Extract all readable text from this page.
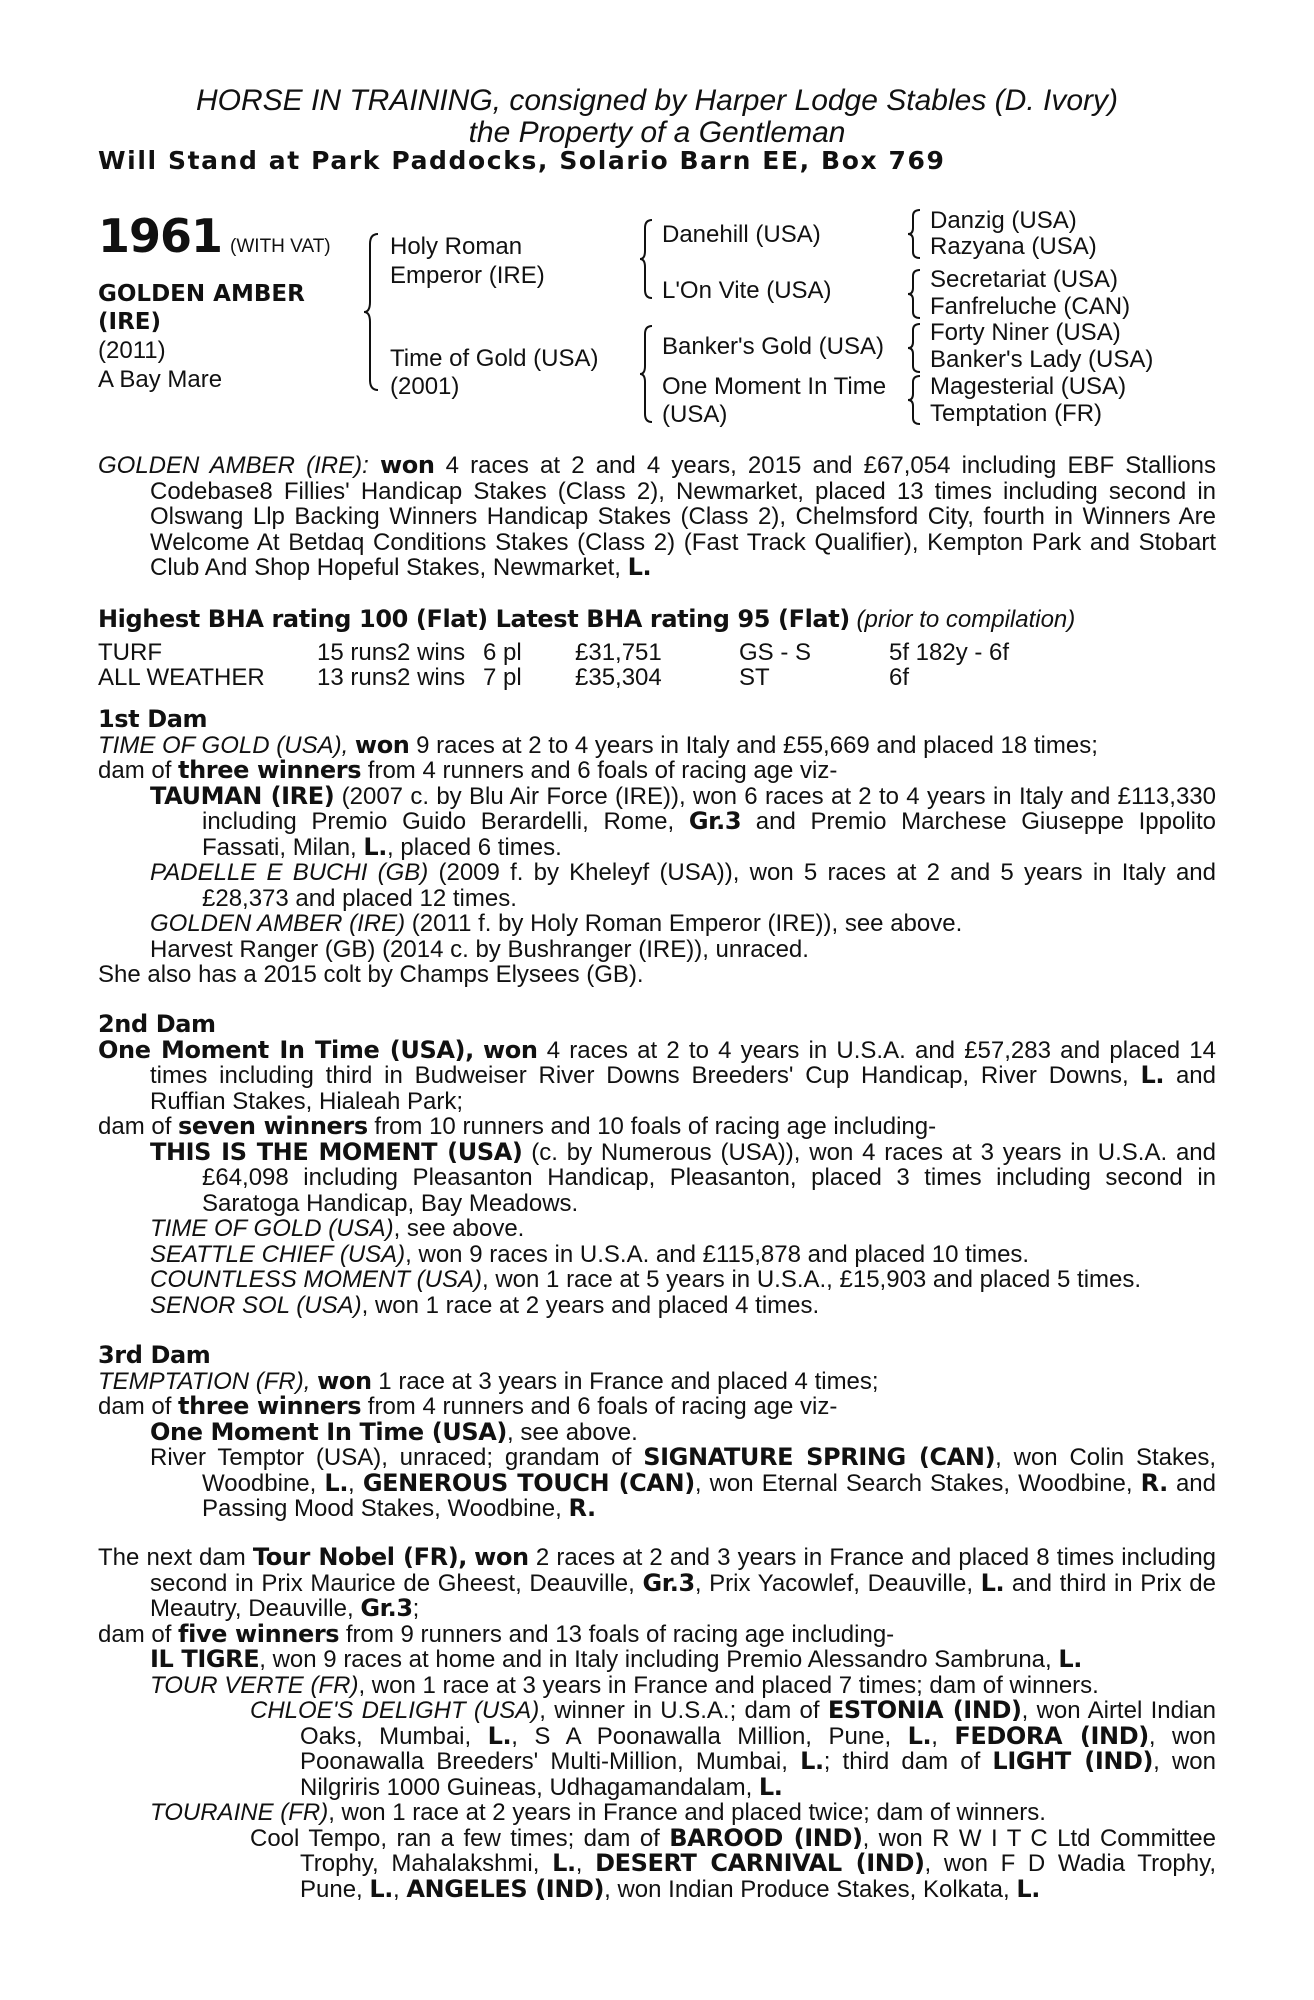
HORSE IN TRAINING, consigned by Harper Lodge Stables (D. Ivory)
the Property of a Gentleman
Will Stand at Park Paddocks, Solario Barn EE, Box 769
1961 (WITH VAT)
GOLDEN AMBER
(IRE)
(2011)
A Bay Mare
Holy Roman
Emperor (IRE)
Time of Gold (USA)
(2001)
Danehill (USA)
L'On Vite (USA)
Banker's Gold (USA)
One Moment In Time
(USA)
Danzig (USA)
Razyana (USA)
Secretariat (USA)
Fanfreluche (CAN)
Forty Niner (USA)
Banker's Lady (USA)
Magesterial (USA)
Temptation (FR)

GOLDEN AMBER (IRE): won 4 races at 2 and 4 years, 2015 and £67,054 including EBF Stallions Codebase8 Fillies' Handicap Stakes (Class 2), Newmarket, placed 13 times including second in Olswang Llp Backing Winners Handicap Stakes (Class 2), Chelmsford City, fourth in Winners Are Welcome At Betdaq Conditions Stakes (Class 2) (Fast Track Qualifier), Kempton Park and Stobart Club And Shop Hopeful Stakes, Newmarket, L.

Highest BHA rating 100 (Flat) Latest BHA rating 95 (Flat) (prior to compilation)
TURF	15 runs2 wins	6 pl	£31,751	GS - S	5f 182y - 6f
ALL WEATHER	13 runs2 wins	7 pl	£35,304	ST	6f

1st Dam

TIME OF GOLD (USA), won 9 races at 2 to 4 years in Italy and £55,669 and placed 18 times;

dam of three winners from 4 runners and 6 foals of racing age viz-

TAUMAN (IRE) (2007 c. by Blu Air Force (IRE)), won 6 races at 2 to 4 years in Italy and £113,330 including Premio Guido Berardelli, Rome, Gr.3 and Premio Marchese Giuseppe Ippolito Fassati, Milan, L., placed 6 times.

PADELLE E BUCHI (GB) (2009 f. by Kheleyf (USA)), won 5 races at 2 and 5 years in Italy and £28,373 and placed 12 times.

GOLDEN AMBER (IRE) (2011 f. by Holy Roman Emperor (IRE)), see above.

Harvest Ranger (GB) (2014 c. by Bushranger (IRE)), unraced.

She also has a 2015 colt by Champs Elysees (GB).

2nd Dam

One Moment In Time (USA), won 4 races at 2 to 4 years in U.S.A. and £57,283 and placed 14 times including third in Budweiser River Downs Breeders' Cup Handicap, River Downs, L. and Ruffian Stakes, Hialeah Park;

dam of seven winners from 10 runners and 10 foals of racing age including-

THIS IS THE MOMENT (USA) (c. by Numerous (USA)), won 4 races at 3 years in U.S.A. and £64,098 including Pleasanton Handicap, Pleasanton, placed 3 times including second in Saratoga Handicap, Bay Meadows.

TIME OF GOLD (USA), see above.

SEATTLE CHIEF (USA), won 9 races in U.S.A. and £115,878 and placed 10 times.

COUNTLESS MOMENT (USA), won 1 race at 5 years in U.S.A., £15,903 and placed 5 times.

SENOR SOL (USA), won 1 race at 2 years and placed 4 times.

3rd Dam

TEMPTATION (FR), won 1 race at 3 years in France and placed 4 times;

dam of three winners from 4 runners and 6 foals of racing age viz-

One Moment In Time (USA), see above.

River Temptor (USA), unraced; grandam of SIGNATURE SPRING (CAN), won Colin Stakes, Woodbine, L., GENEROUS TOUCH (CAN), won Eternal Search Stakes, Woodbine, R. and Passing Mood Stakes, Woodbine, R.

The next dam Tour Nobel (FR), won 2 races at 2 and 3 years in France and placed 8 times including second in Prix Maurice de Gheest, Deauville, Gr.3, Prix Yacowlef, Deauville, L. and third in Prix de Meautry, Deauville, Gr.3;

dam of five winners from 9 runners and 13 foals of racing age including-

IL TIGRE, won 9 races at home and in Italy including Premio Alessandro Sambruna, L.

TOUR VERTE (FR), won 1 race at 3 years in France and placed 7 times; dam of winners.

CHLOE'S DELIGHT (USA), winner in U.S.A.; dam of ESTONIA (IND), won Airtel Indian Oaks, Mumbai, L., S A Poonawalla Million, Pune, L., FEDORA (IND), won Poonawalla Breeders' Multi-Million, Mumbai, L.; third dam of LIGHT (IND), won Nilgriris 1000 Guineas, Udhagamandalam, L.

TOURAINE (FR), won 1 race at 2 years in France and placed twice; dam of winners.

Cool Tempo, ran a few times; dam of BAROOD (IND), won R W I T C Ltd Committee Trophy, Mahalakshmi, L., DESERT CARNIVAL (IND), won F D Wadia Trophy, Pune, L., ANGELES (IND), won Indian Produce Stakes, Kolkata, L.
